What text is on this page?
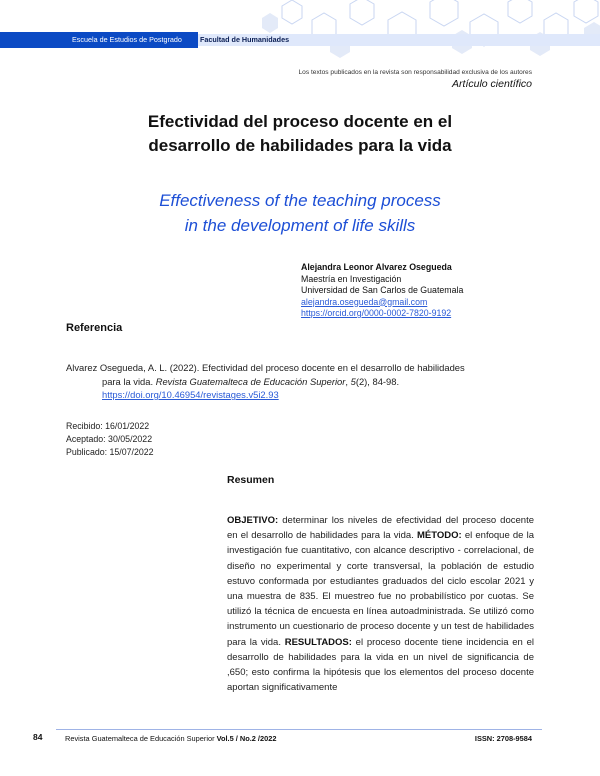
Escuela de Estudios de Postgrado	Facultad de Humanidades
Los textos publicados en la revista son responsabilidad exclusiva de los autores
Artículo científico
Efectividad del proceso docente en el
desarrollo de habilidades para la vida
Effectiveness of the teaching process
in the development of life skills
Alejandra Leonor Alvarez Osegueda
Maestría en Investigación
Universidad de San Carlos de Guatemala
alejandra.osegueda@gmail.com
https://orcid.org/0000-0002-7820-9192
Referencia
Alvarez Osegueda, A. L. (2022). Efectividad del proceso docente en el desarrollo de habilidades
para la vida. Revista Guatemalteca de Educación Superior, 5(2), 84-98.
https://doi.org/10.46954/revistages.v5i2.93
Recibido: 16/01/2022
Aceptado: 30/05/2022
Publicado: 15/07/2022
Resumen
OBJETIVO: determinar los niveles de efectividad del proceso docente en el desarrollo de habilidades para la vida. MÉTODO: el enfoque de la investigación fue cuantitativo, con alcance descriptivo - correlacional, de diseño no experimental y corte transversal, la población de estudio estuvo conformada por estudiantes graduados del ciclo escolar 2021 y una muestra de 835. El muestreo fue no probabilístico por cuotas. Se utilizó la técnica de encuesta en línea autoadministrada. Se utilizó como instrumento un cuestionario de proceso docente y un test de habilidades para la vida. RESULTADOS: el proceso docente tiene incidencia en el desarrollo de habilidades para la vida en un nivel de significancia de ,650; esto confirma la hipótesis que los elementos del proceso docente aportan significativamente
84	Revista Guatemalteca de Educación Superior Vol.5 / No.2 /2022	ISSN: 2708-9584
